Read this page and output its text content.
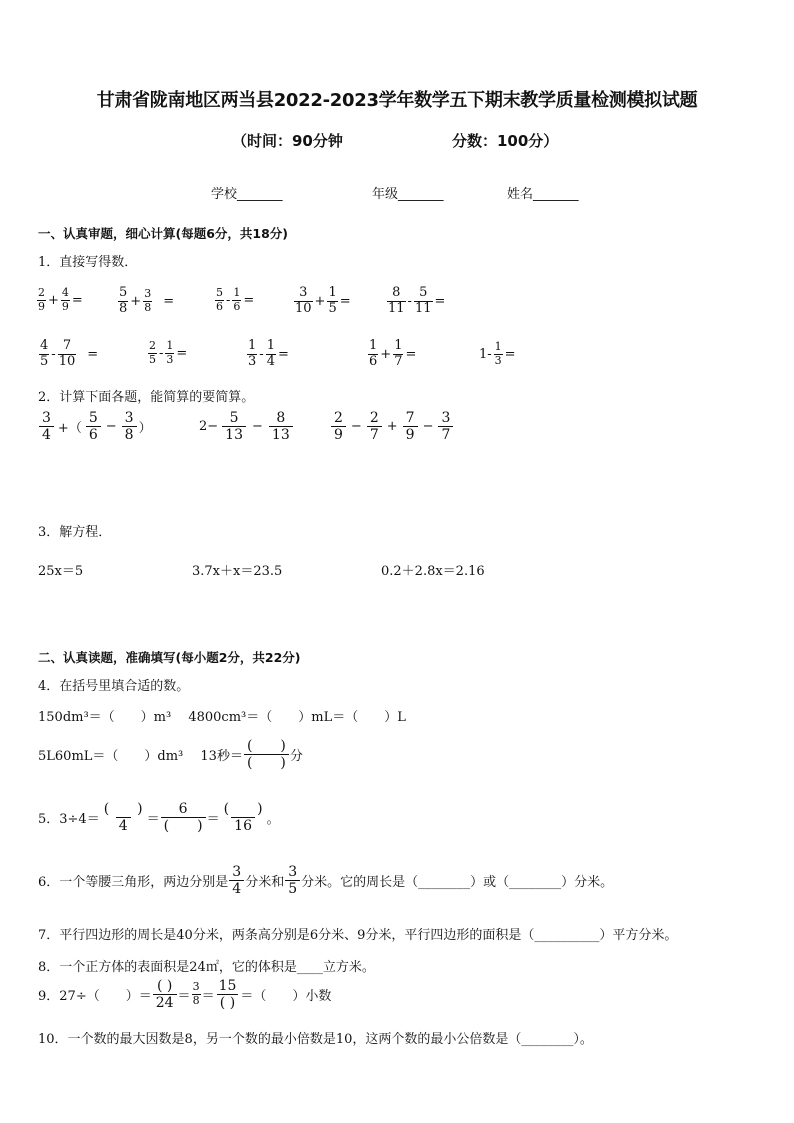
甘肃省陇南地区两当县2022-2023学年数学五下期末教学质量检测模拟试题
（时间：90分钟	分数：100分）
学校_______	年级_______	姓名_______
一、认真审题，细心计算(每题6分，共18分)
1．直接写得数．
$\frac{2}{9} + \frac{4}{9}$ =	$\frac{5}{8} + \frac{3}{8}$ =	$\frac{5}{6} - \frac{1}{6}$ =	$\frac{3}{10} + \frac{1}{5}$ =	$\frac{8}{11} - \frac{5}{11}$ =
$\frac{4}{5} - \frac{7}{10}$ =	$\frac{2}{5} - \frac{1}{3}$ =	$\frac{1}{3} - \frac{1}{4}$ =	$\frac{1}{6} + \frac{1}{7}$ =	$1- \frac{1}{3}$ =
2．计算下面各题，能简算的要简算。
$\frac{3}{4}$ +（ $\frac{5}{6} - \frac{3}{8}$ ）	$2- \frac{5}{13} - \frac{8}{13}$	$\frac{2}{9} - \frac{2}{7} + \frac{7}{9} - \frac{3}{7}$
3．解方程．
25x＝5	3.7x＋x＝23.5	0.2＋2.8x＝2.16
二、认真读题，准确填写(每小题2分，共22分)
4．在括号里填合适的数。
150dm³＝（　　）m³　 4800cm³＝（　　）mL＝（　　）L
5L60mL＝（　　）dm³　 13秒＝ $\frac{( )}{( )}$ 分
5．$3\div 4= \frac{( )}{4} = \frac{6}{( )} = \frac{( )}{16}$ 。
6．一个等腰三角形，两边分别是 $\frac{3}{4}$ 分米和 $\frac{3}{5}$ 分米。它的周长是（________）或（________）分米。
7．平行四边形的周长是40分米，两条高分别是6分米、9分米，平行四边形的面积是（__________）平方分米。
8．一个正方体的表面积是24㎡，它的体积是____立方米。
9．27÷（　　）＝ $\frac{( )}{24} = \frac{3}{8} = \frac{15}{( )}$ ＝（　　）小数
10．一个数的最大因数是8，另一个数的最小倍数是10，这两个数的最小公倍数是（________）。
